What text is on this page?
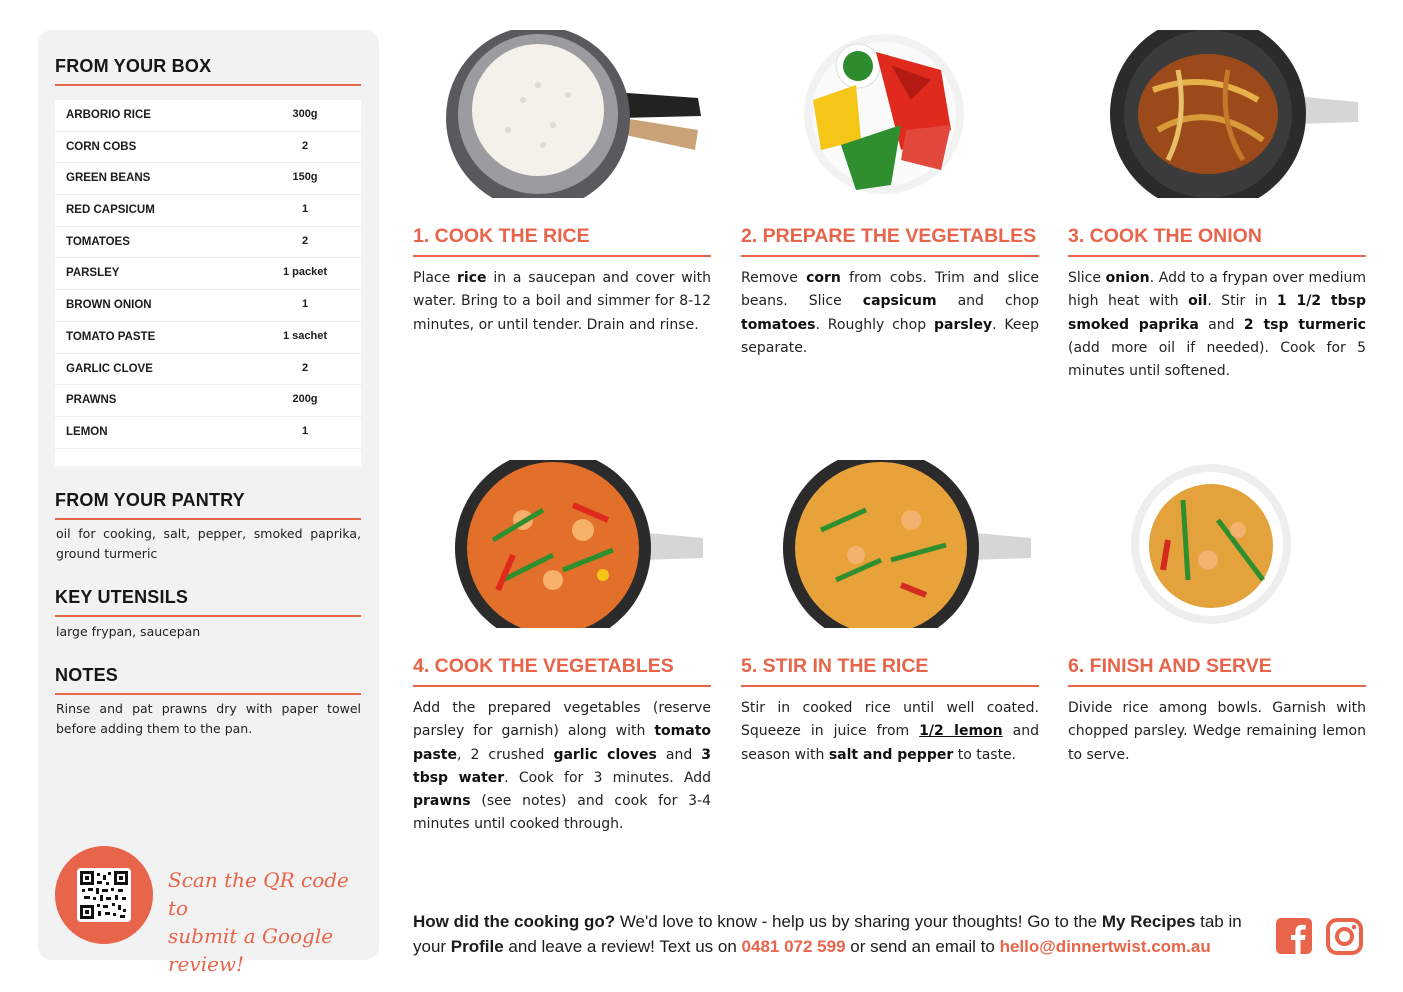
FROM YOUR BOX
ARBORIO RICE	300g
CORN COBS	2
GREEN BEANS	150g
RED CAPSICUM	1
TOMATOES	2
PARSLEY	1 packet
BROWN ONION	1
TOMATO PASTE	1 sachet
GARLIC CLOVE	2
PRAWNS	200g
LEMON	1
FROM YOUR PANTRY
oil for cooking, salt, pepper, smoked paprika, ground turmeric
KEY UTENSILS
large frypan, saucepan
NOTES
Rinse and pat prawns dry with paper towel before adding them to the pan.
Scan the QR code to
submit a Google review!
1. COOK THE RICE
Place rice in a saucepan and cover with water. Bring to a boil and simmer for 8-12 minutes, or until tender. Drain and rinse.
2. PREPARE THE VEGETABLES
Remove corn from cobs. Trim and slice beans. Slice capsicum and chop tomatoes. Roughly chop parsley. Keep separate.
3. COOK THE ONION
Slice onion. Add to a frypan over medium high heat with oil. Stir in 1 1/2 tbsp smoked paprika and 2 tsp turmeric (add more oil if needed). Cook for 5 minutes until softened.
4. COOK THE VEGETABLES
Add the prepared vegetables (reserve parsley for garnish) along with tomato paste, 2 crushed garlic cloves and 3 tbsp water. Cook for 3 minutes. Add prawns (see notes) and cook for 3-4 minutes until cooked through.
5. STIR IN THE RICE
Stir in cooked rice until well coated. Squeeze in juice from 1/2 lemon and season with salt and pepper to taste.
6. FINISH AND SERVE
Divide rice among bowls. Garnish with chopped parsley. Wedge remaining lemon to serve.
How did the cooking go? We'd love to know - help us by sharing your thoughts! Go to the My Recipes tab in your Profile and leave a review! Text us on 0481 072 599 or send an email to hello@dinnertwist.com.au
